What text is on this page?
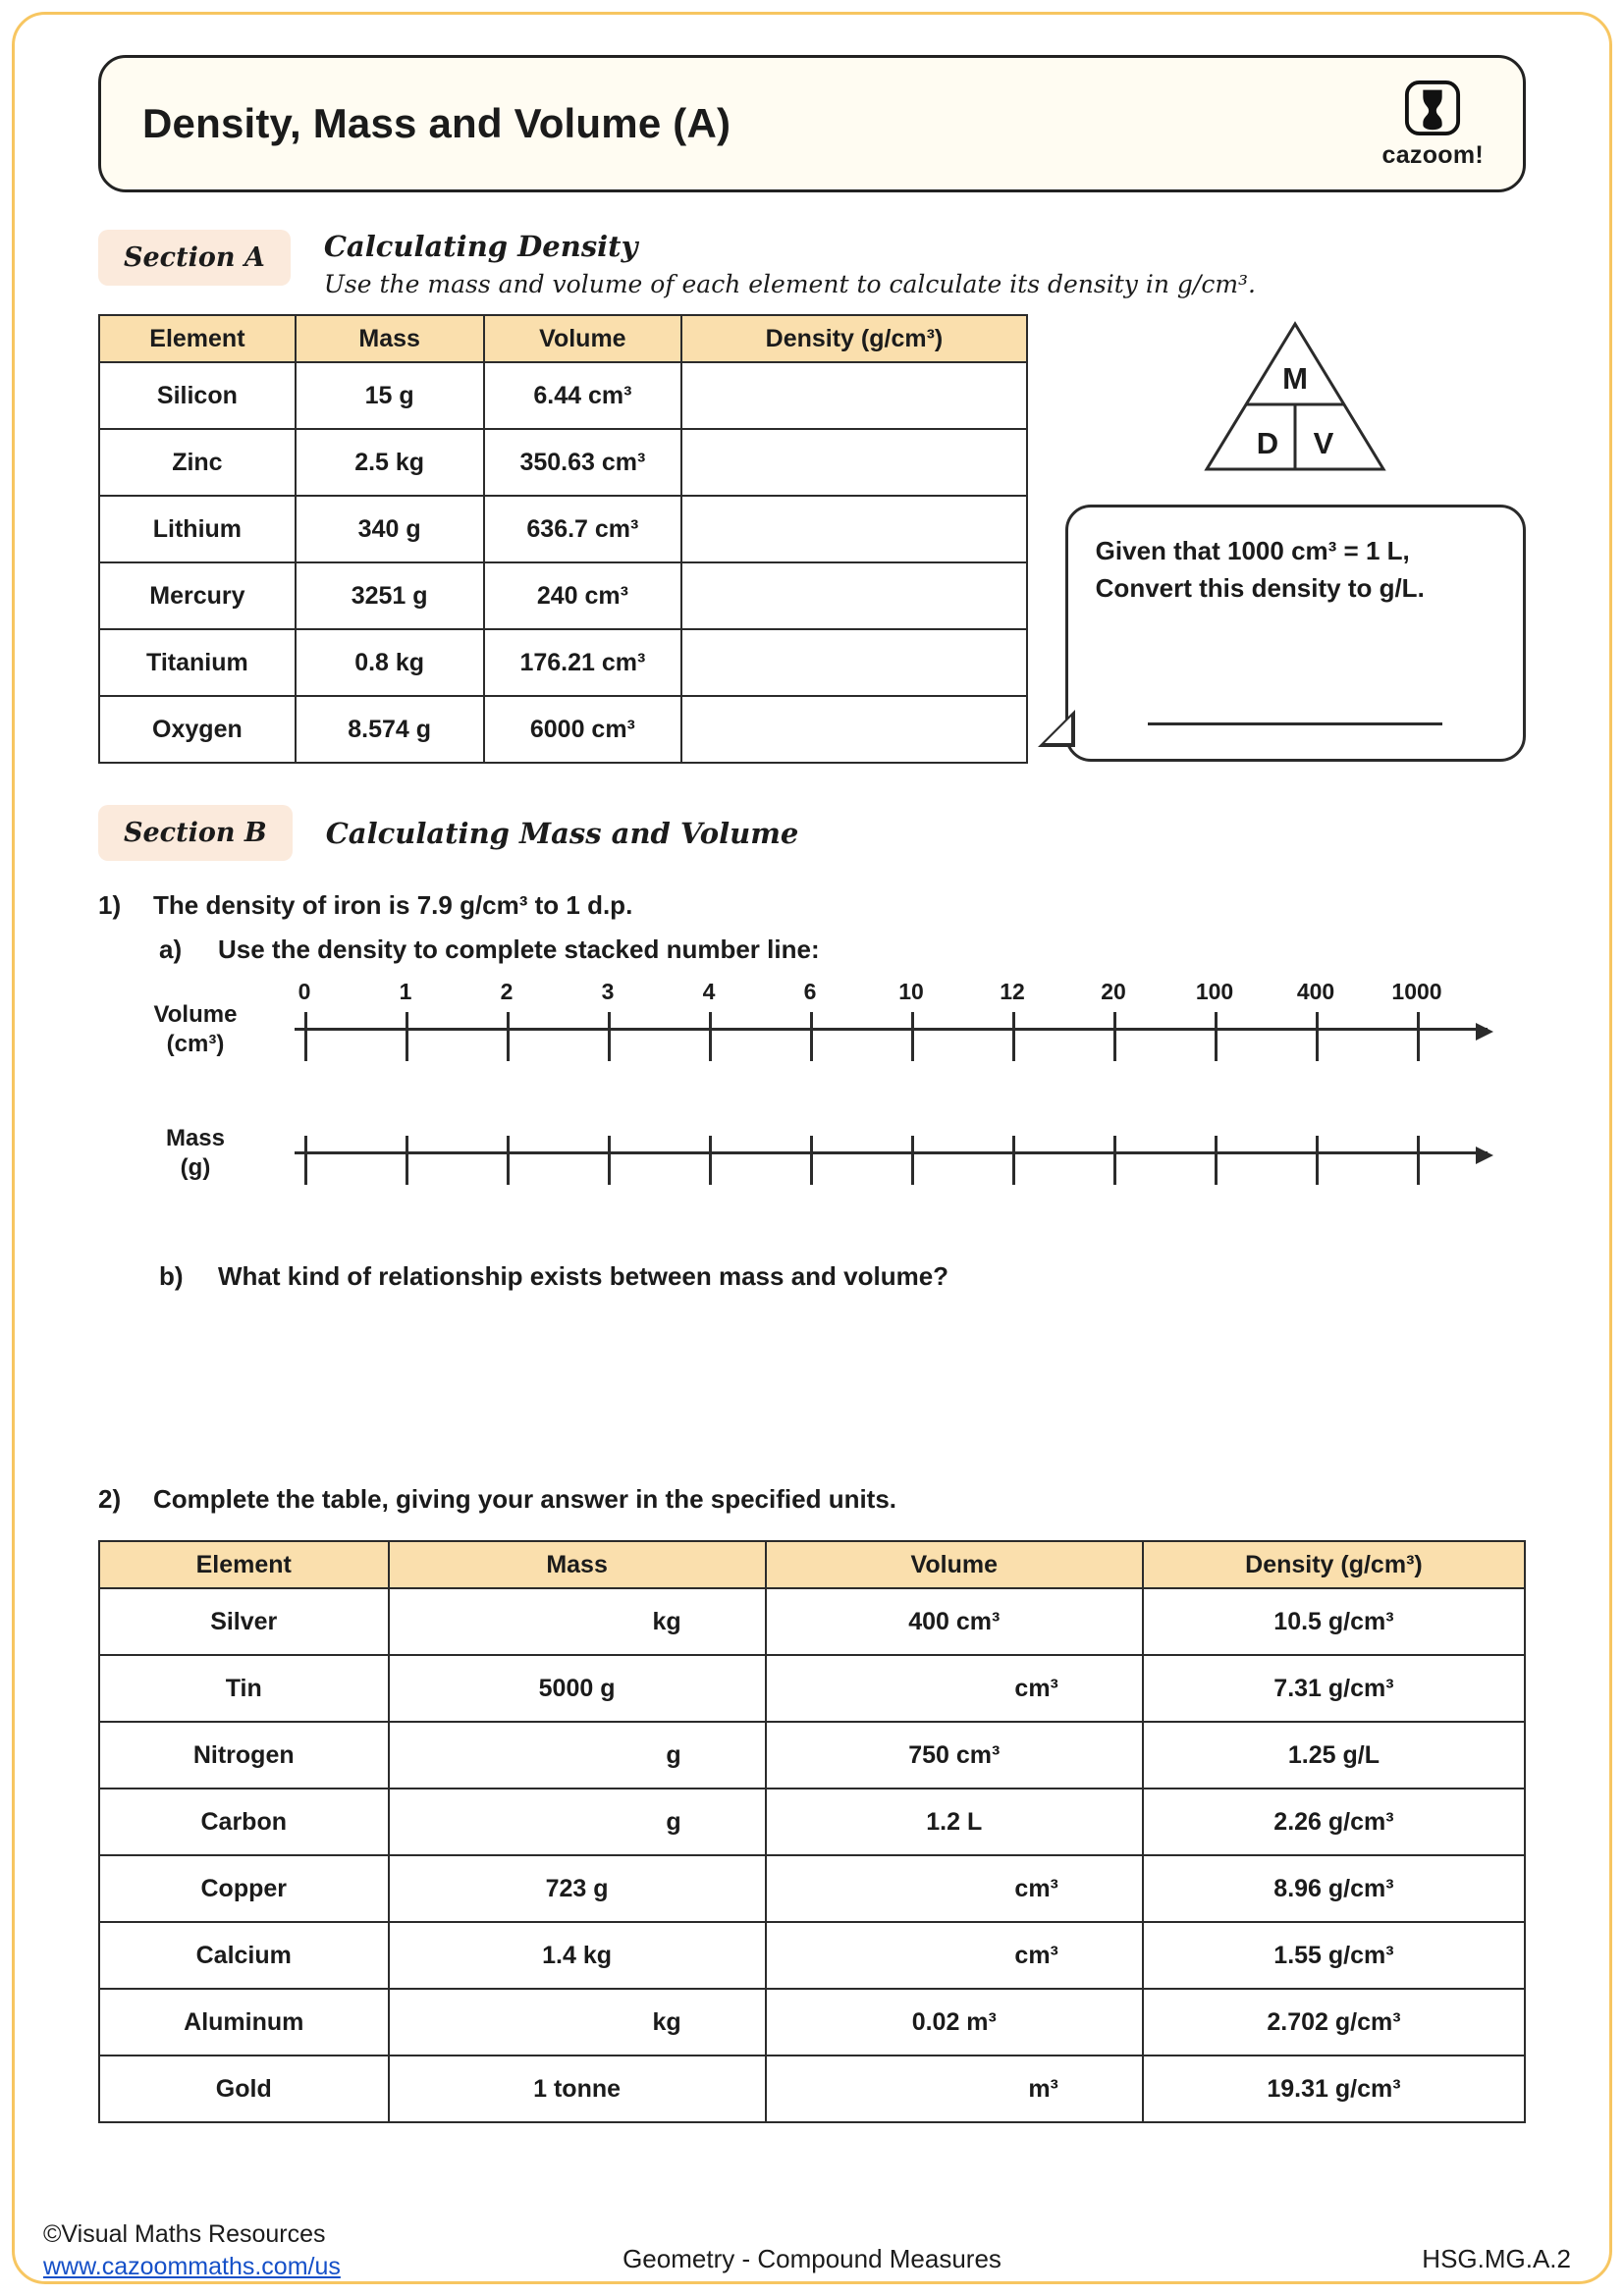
Density, Mass and Volume (A)
cazoom!
Section A	Calculating Density
Use the mass and volume of each element to calculate its density in g/cm³.
Element	Mass	Volume	Density (g/cm³)
Silicon	15 g	6.44 cm³	
Zinc	2.5 kg	350.63 cm³	
Lithium	340 g	636.7 cm³	
Mercury	3251 g	240 cm³	
Titanium	0.8 kg	176.21 cm³	
Oxygen	8.574 g	6000 cm³	
M
D V
Given that 1000 cm³ = 1 L,
Convert this density to g/L.
Section B	Calculating Mass and Volume
1)	The density of iron is 7.9 g/cm³ to 1 d.p.
a)	Use the density to complete stacked number line:
0	1	2	3	4	6	10	12	20	100	400	1000
Volume
(cm³)
Mass
(g)
b)	What kind of relationship exists between mass and volume?
2)	Complete the table, giving your answer in the specified units.
Element	Mass	Volume	Density (g/cm³)
Silver	kg	400 cm³	10.5 g/cm³
Tin	5000 g	cm³	7.31 g/cm³
Nitrogen	g	750 cm³	1.25 g/L
Carbon	g	1.2 L	2.26 g/cm³
Copper	723 g	cm³	8.96 g/cm³
Calcium	1.4 kg	cm³	1.55 g/cm³
Aluminum	kg	0.02 m³	2.702 g/cm³
Gold	1 tonne	m³	19.31 g/cm³
©Visual Maths Resources
www.cazoommaths.com/us	Geometry - Compound Measures	HSG.MG.A.2
